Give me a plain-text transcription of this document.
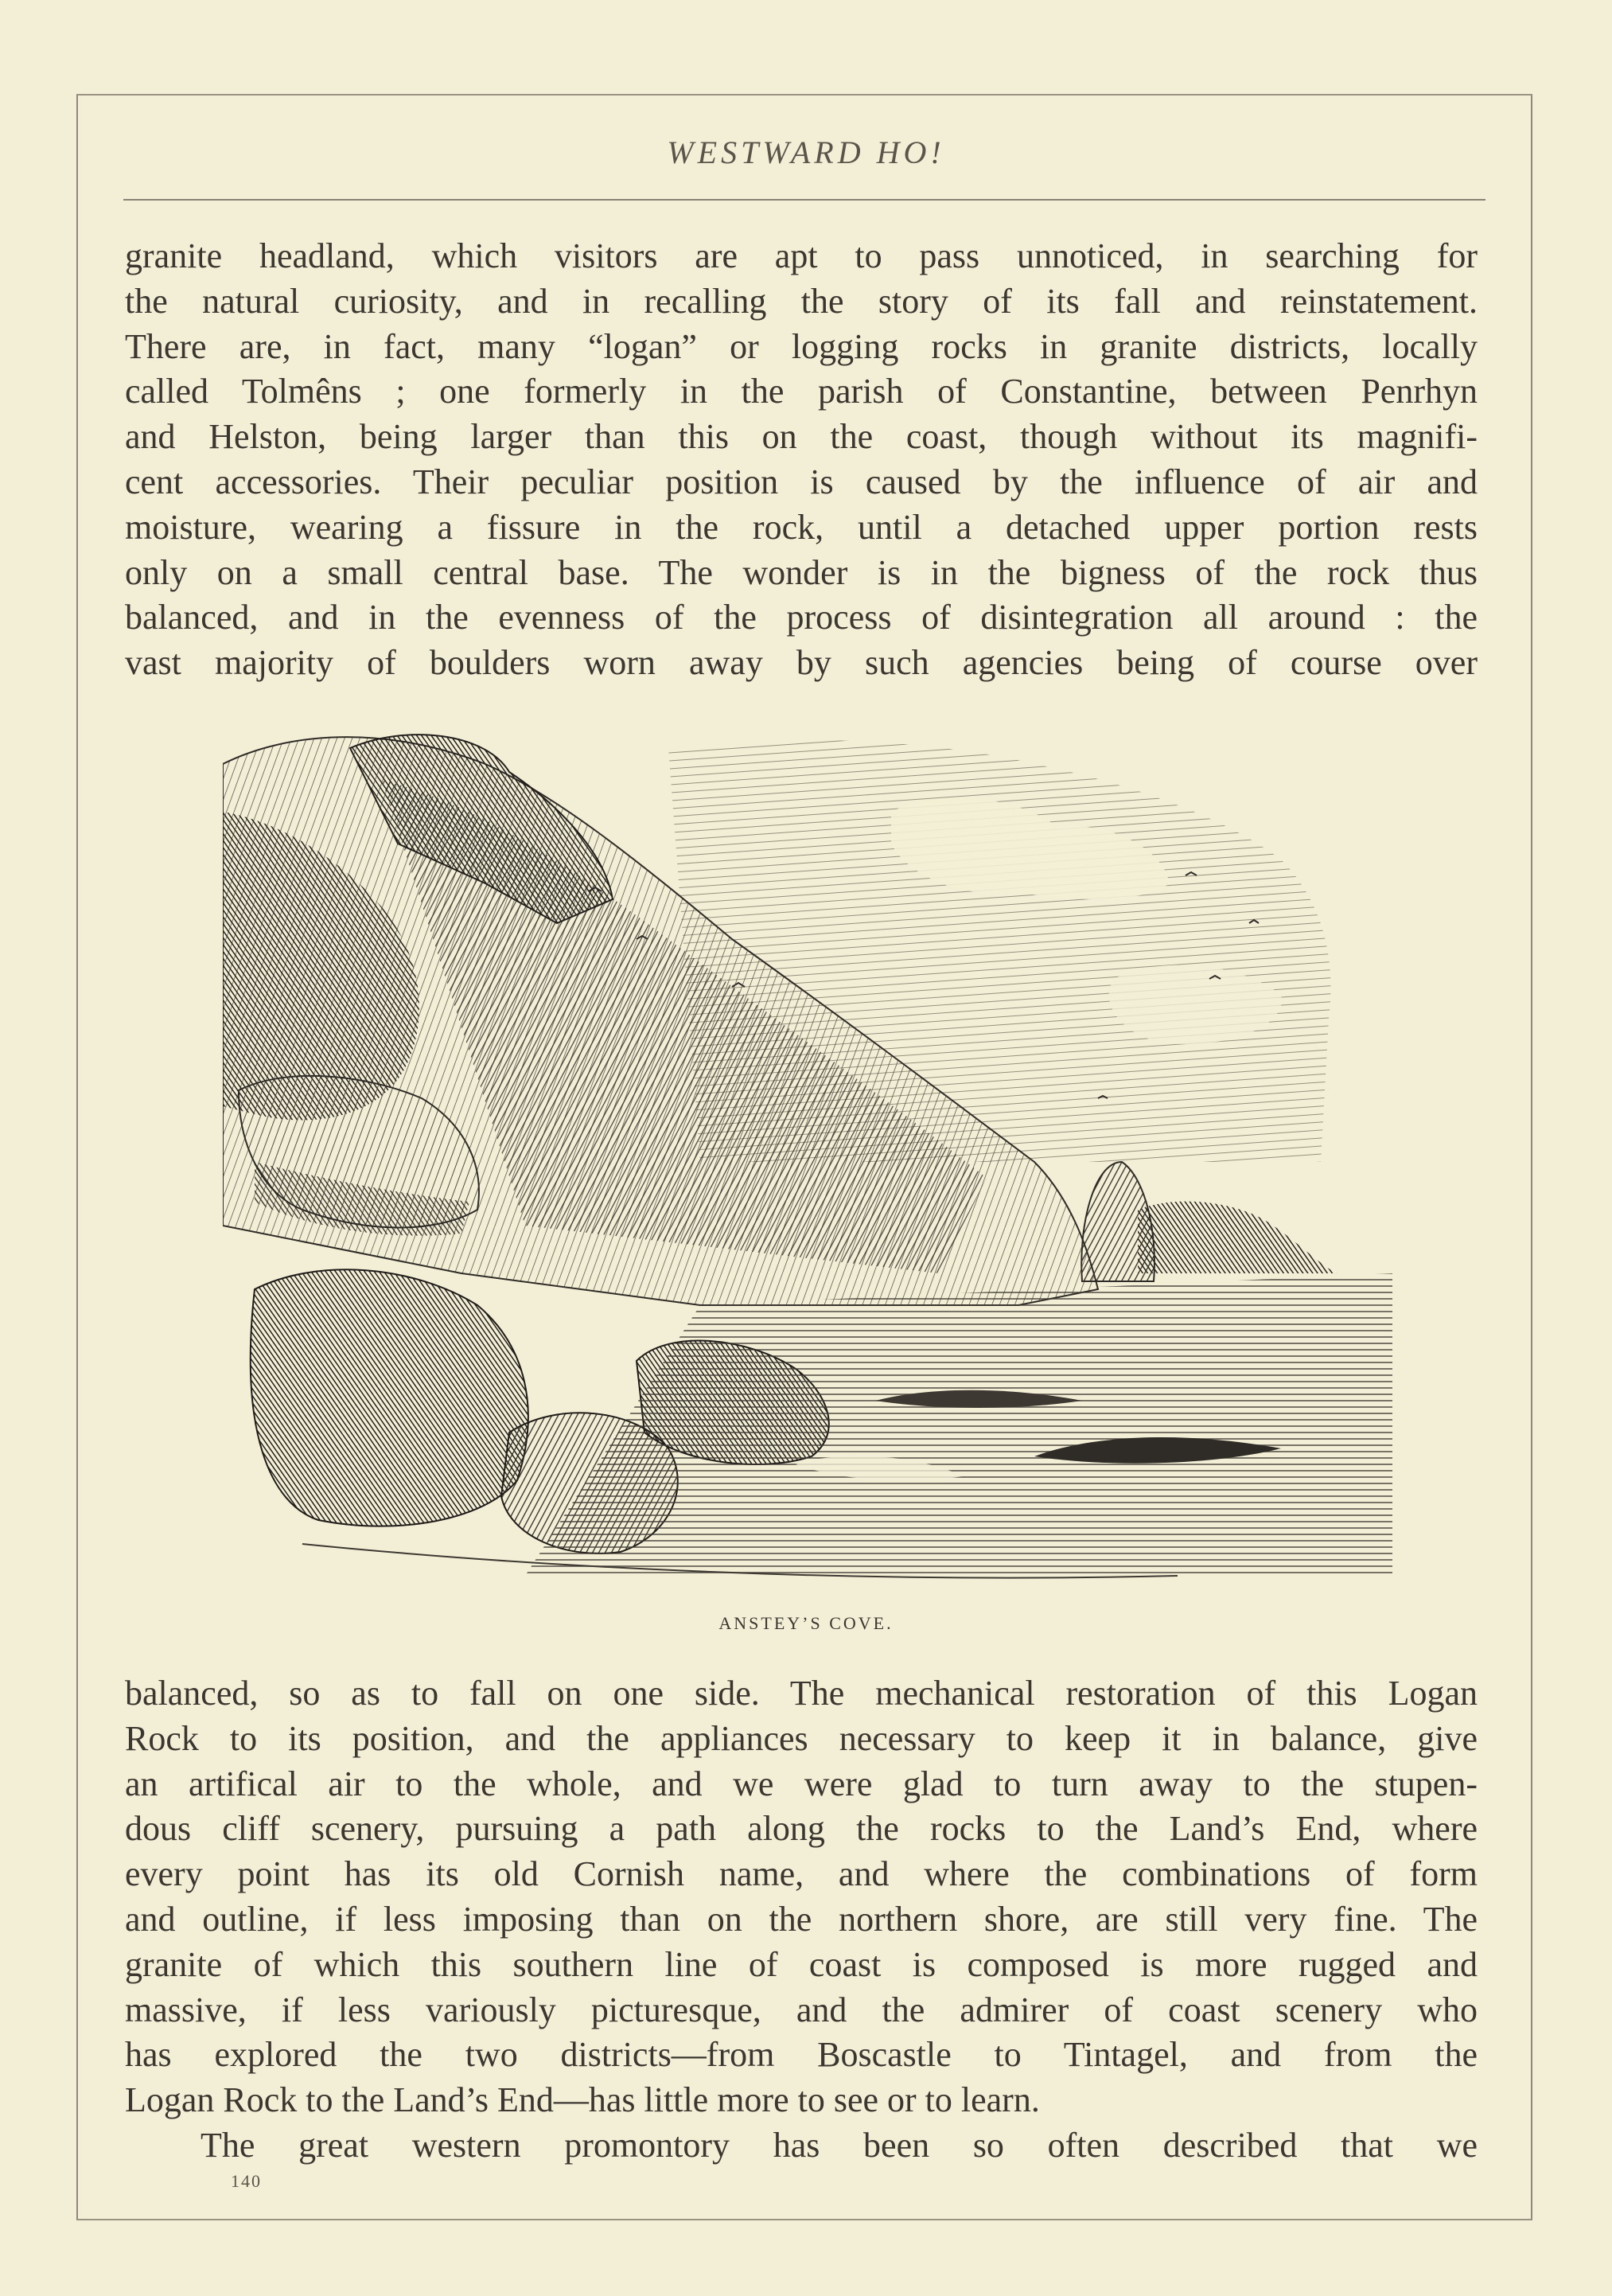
WESTWARD HO!
granite headland, which visitors are apt to pass unnoticed, in searching for
the natural curiosity, and in recalling the story of its fall and reinstatement.
There are, in fact, many “logan” or logging rocks in granite districts, locally
called Tolmêns ; one formerly in the parish of Constantine, between Penrhyn
and Helston, being larger than this on the coast, though without its magnifi-
cent accessories. Their peculiar position is caused by the influence of air and
moisture, wearing a fissure in the rock, until a detached upper portion rests
only on a small central base. The wonder is in the bigness of the rock thus
balanced, and in the evenness of the process of disintegration all around : the
vast majority of boulders worn away by such agencies being of course over
ANSTEY’S COVE.
balanced, so as to fall on one side. The mechanical restoration of this Logan
Rock to its position, and the appliances necessary to keep it in balance, give
an artifical air to the whole, and we were glad to turn away to the stupen-
dous cliff scenery, pursuing a path along the rocks to the Land’s End, where
every point has its old Cornish name, and where the combinations of form
and outline, if less imposing than on the northern shore, are still very fine. The
granite of which this southern line of coast is composed is more rugged and
massive, if less variously picturesque, and the admirer of coast scenery who
has explored the two districts—from Boscastle to Tintagel, and from the
Logan Rock to the Land’s End—has little more to see or to learn.
The great western promontory has been so often described that we
140
